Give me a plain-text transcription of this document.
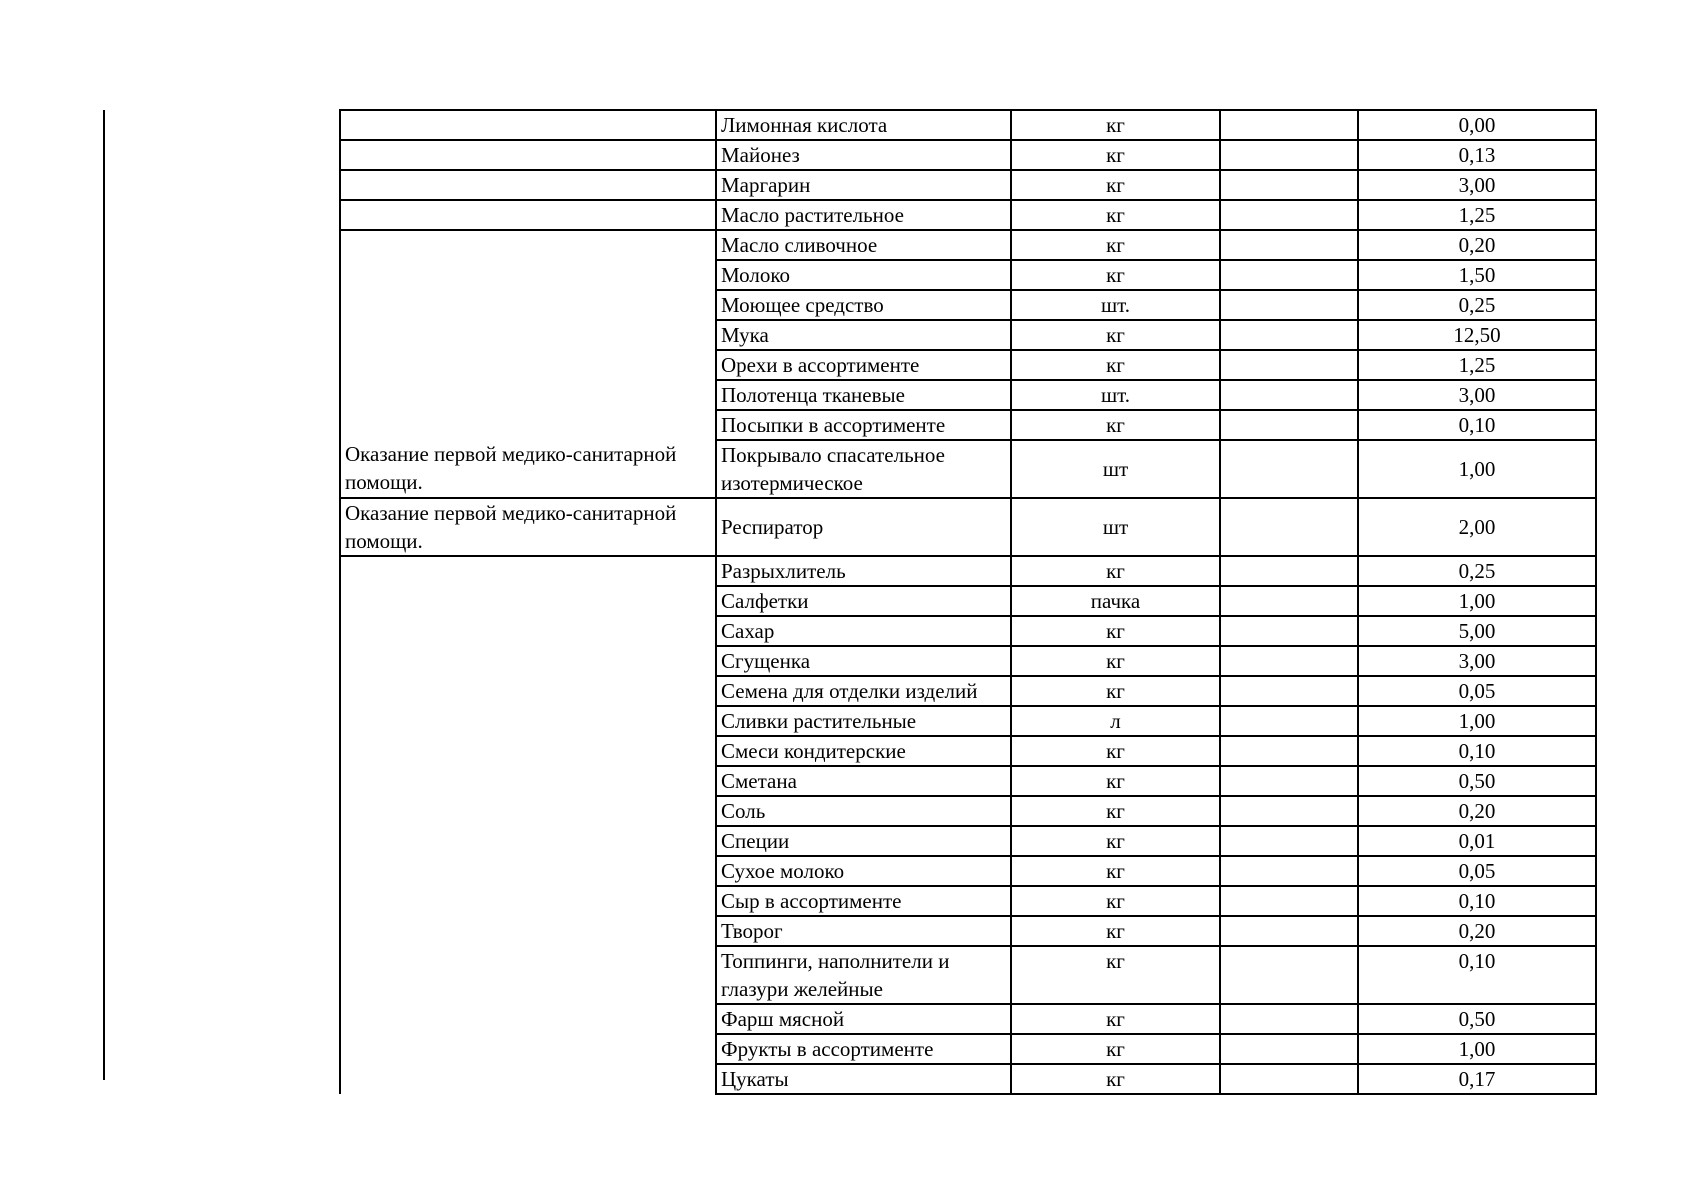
	Лимонная кислота	кг		0,00
	Майонез	кг		0,13
	Маргарин	кг		3,00
	Масло растительное	кг		1,25
Оказание первой медико-санитарной помощи.	Масло сливочное	кг		0,20
	Молоко	кг		1,50
	Моющее средство	шт.		0,25
	Мука	кг		12,50
	Орехи в ассортименте	кг		1,25
	Полотенца тканевые	шт.		3,00
	Посыпки в ассортименте	кг		0,10
	Покрывало спасательное изотермическое	шт		1,00
Оказание первой медико-санитарной помощи.	Респиратор	шт		2,00
	Разрыхлитель	кг		0,25
	Салфетки	пачка		1,00
	Сахар	кг		5,00
	Сгущенка	кг		3,00
	Семена для отделки изделий	кг		0,05
	Сливки растительные	л		1,00
	Смеси кондитерские	кг		0,10
	Сметана	кг		0,50
	Соль	кг		0,20
	Специи	кг		0,01
	Сухое молоко	кг		0,05
	Сыр в ассортименте	кг		0,10
	Творог	кг		0,20
	Топпинги, наполнители и глазури желейные	кг		0,10
	Фарш мясной	кг		0,50
	Фрукты в ассортименте	кг		1,00
	Цукаты	кг		0,17
